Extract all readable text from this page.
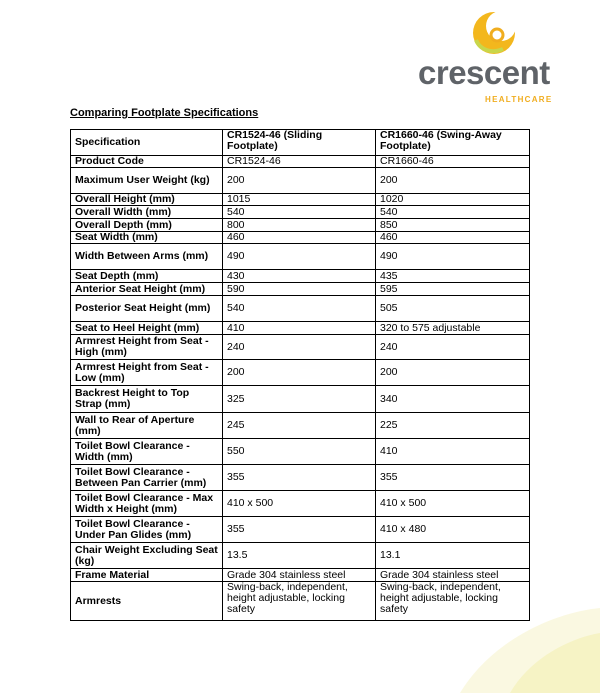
crescent
HEALTHCARE
Comparing Footplate Specifications
Specification	CR1524-46 (Sliding Footplate)	CR1660-46 (Swing-Away Footplate)
Product Code	CR1524-46	CR1660-46
Maximum User Weight (kg)	200	200
Overall Height (mm)	1015	1020
Overall Width (mm)	540	540
Overall Depth (mm)	800	850
Seat Width (mm)	460	460
Width Between Arms (mm)	490	490
Seat Depth (mm)	430	435
Anterior Seat Height (mm)	590	595
Posterior Seat Height (mm)	540	505
Seat to Heel Height (mm)	410	320 to 575 adjustable
Armrest Height from Seat - High (mm)	240	240
Armrest Height from Seat - Low (mm)	200	200
Backrest Height to Top Strap (mm)	325	340
Wall to Rear of Aperture (mm)	245	225
Toilet Bowl Clearance - Width (mm)	550	410
Toilet Bowl Clearance - Between Pan Carrier (mm)	355	355
Toilet Bowl Clearance - Max Width x Height (mm)	410 x 500	410 x 500
Toilet Bowl Clearance - Under Pan Glides (mm)	355	410 x 480
Chair Weight Excluding Seat (kg)	13.5	13.1
Frame Material	Grade 304 stainless steel	Grade 304 stainless steel
Armrests	Swing-back, independent, height adjustable, locking safety	Swing-back, independent, height adjustable, locking safety
